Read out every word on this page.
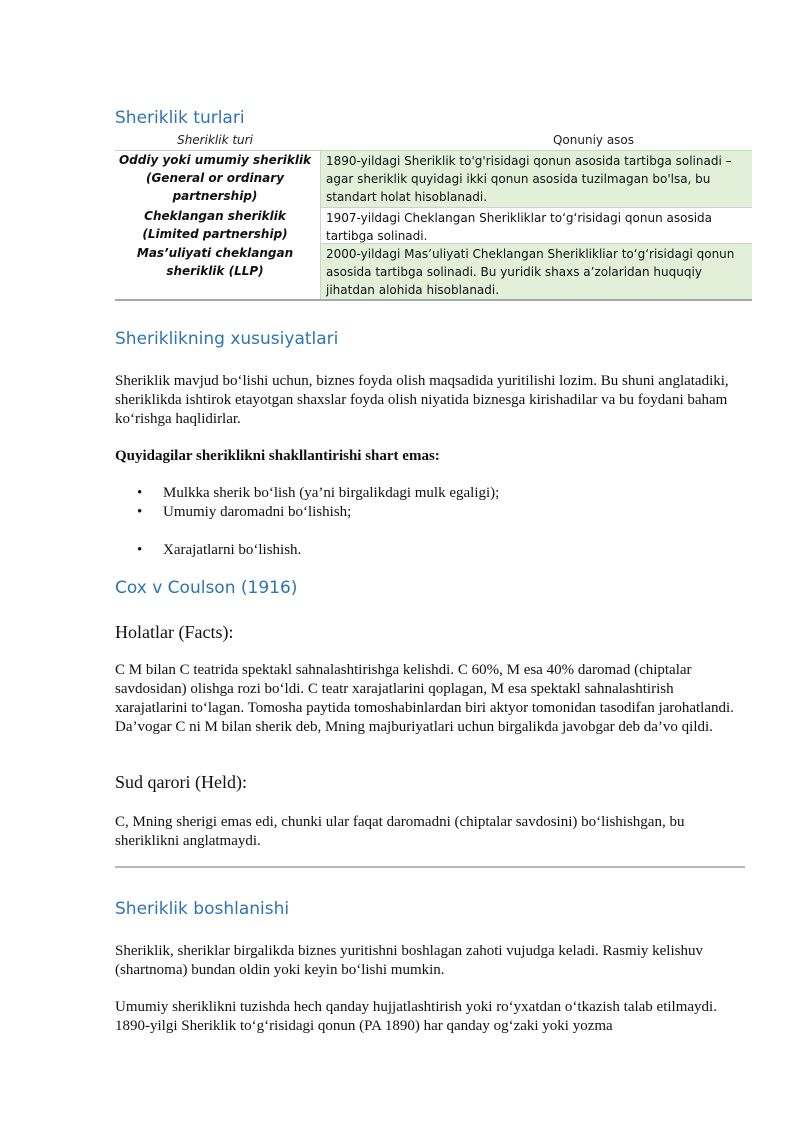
Sheriklik turlari
Sheriklik turi	Qonuniy asos
Oddiy yoki umumiy sheriklik (General or ordinary partnership)
1890-yildagi Sheriklik to'g'risidagi qonun asosida tartibga solinadi – agar sheriklik quyidagi ikki qonun asosida tuzilmagan bo'lsa, bu standart holat hisoblanadi.
Cheklangan sheriklik (Limited partnership)
1907-yildagi Cheklangan Sherikliklar to‘g‘risidagi qonun asosida tartibga solinadi.
Mas’uliyati cheklangan sheriklik (LLP)
2000-yildagi Mas’uliyati Cheklangan Sheriklikliar to‘g‘risidagi qonun asosida tartibga solinadi. Bu yuridik shaxs a’zolaridan huquqiy jihatdan alohida hisoblanadi.
Sheriklikning xususiyatlari

Sheriklik mavjud bo‘lishi uchun, biznes foyda olish maqsadida yuritilishi lozim. Bu shuni anglatadiki, sheriklikda ishtirok etayotgan shaxslar foyda olish niyatida biznesga kirishadilar va bu foydani baham ko‘rishga haqlidirlar.

Quyidagilar sheriklikni shakllantirishi shart emas:

• Mulkka sherik bo‘lish (ya’ni birgalikdagi mulk egaligi);
• Umumiy daromadni bo‘lishish;
• Xarajatlarni bo‘lishish.
Cox v Coulson (1916)
Holatlar (Facts):

C M bilan C teatrida spektakl sahnalashtirishga kelishdi. C 60%, M esa 40% daromad (chiptalar savdosidan) olishga rozi bo‘ldi. C teatr xarajatlarini qoplagan, M esa spektakl sahnalashtirish xarajatlarini to‘lagan. Tomosha paytida tomoshabinlardan biri aktyor tomonidan tasodifan jarohatlandi. Da’vogar C ni M bilan sherik deb, Mning majburiyatlari uchun birgalikda javobgar deb da’vo qildi.

Sud qarori (Held):

C, Mning sherigi emas edi, chunki ular faqat daromadni (chiptalar savdosini) bo‘lishishgan, bu sheriklikni anglatmaydi.

Sheriklik boshlanishi

Sheriklik, sheriklar birgalikda biznes yuritishni boshlagan zahoti vujudga keladi. Rasmiy kelishuv (shartnoma) bundan oldin yoki keyin bo‘lishi mumkin.

Umumiy sheriklikni tuzishda hech qanday hujjatlashtirish yoki ro‘yxatdan o‘tkazish talab etilmaydi. 1890-yilgi Sheriklik to‘g‘risidagi qonun (PA 1890) har qanday og‘zaki yoki yozma
